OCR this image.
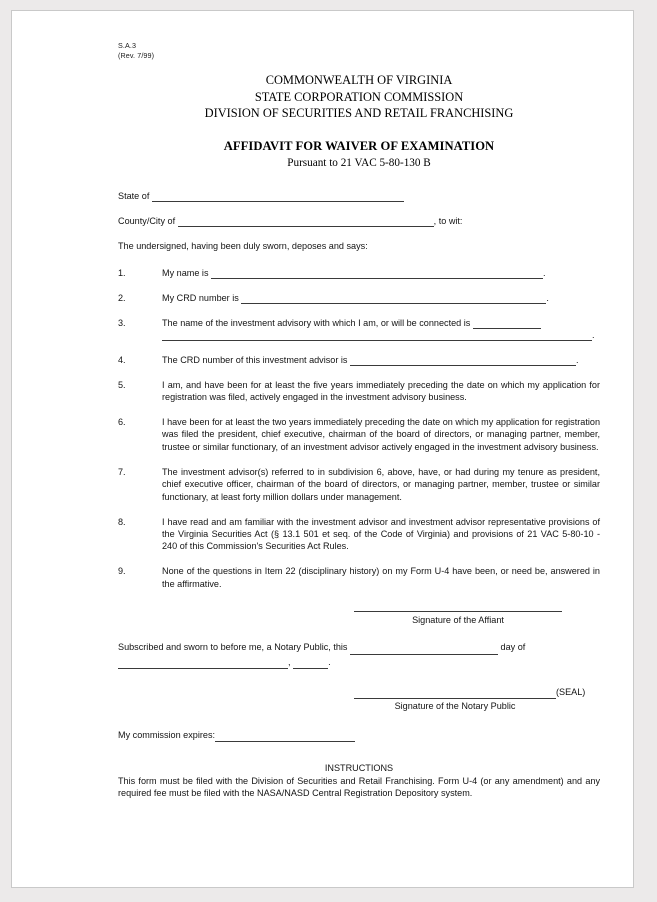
S.A.3
(Rev. 7/99)
COMMONWEALTH OF VIRGINIA
STATE CORPORATION COMMISSION
DIVISION OF SECURITIES AND RETAIL FRANCHISING
AFFIDAVIT FOR WAIVER OF EXAMINATION
Pursuant to 21 VAC 5-80-130 B
State of
County/City of	, to wit:
The undersigned, having been duly sworn, deposes and says:
1.	My name is	.

2.	My CRD number is	.

3.	The name of the investment advisory with which I am, or will be connected is
.

4.	The CRD number of this investment advisor is	.

5.	I am, and have been for at least the five years immediately preceding the date on which my application for registration was filed, actively engaged in the investment advisory business.

6.	I have been for at least the two years immediately preceding the date on which my application for registration was filed the president, chief executive, chairman of the board of directors, or managing partner, member, trustee or similar functionary, of an investment advisor actively engaged in the investment advisory business.

7.	The investment advisor(s) referred to in subdivision 6, above, have, or had during my tenure as president, chief executive officer, chairman of the board of directors, or managing partner, member, trustee or similar functionary, at least forty million dollars under management.

8.	I have read and am familiar with the investment advisor and investment advisor representative provisions of the Virginia Securities Act (§ 13.1 501 et seq. of the Code of Virginia) and provisions of 21 VAC 5-80-10 - 240 of this Commission's Securities Act Rules.

9.	None of the questions in Item 22 (disciplinary history) on my Form U-4 have been, or need be, answered in the affirmative.

Signature of the Affiant
Subscribed and sworn to before me, a Notary Public, this	day of
,	.
(SEAL)
Signature of the Notary Public
My commission expires:
INSTRUCTIONS
This form must be filed with the Division of Securities and Retail Franchising. Form U-4 (or any amendment) and any required fee must be filed with the NASA/NASD Central Registration Depository system.
